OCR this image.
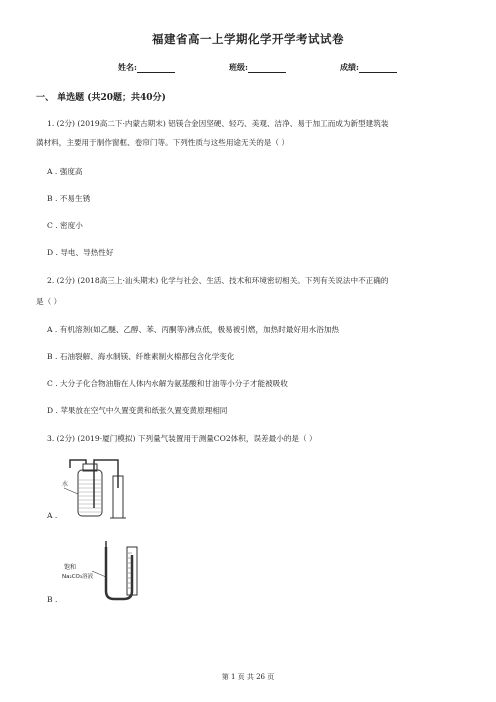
福建省高一上学期化学开学考试试卷
姓名:	班级:	成绩:
一、 单选题 (共20题；共40分)
1. (2分) (2019高二下·内蒙古期末) 铝镁合金因坚硬、轻巧、美观、洁净、易于加工而成为新型建筑装
潢材料，主要用于制作窗框、卷帘门等。下列性质与这些用途无关的是（ ）
A . 强度高
B . 不易生锈
C . 密度小
D . 导电、导热性好
2. (2分) (2018高三上·汕头期末) 化学与社会、生活、技术和环境密切相关。下列有关说法中不正确的
是（ ）
A . 有机溶剂(如乙醚、乙醇、苯、丙酮等)沸点低，极易被引燃，加热时最好用水浴加热
B . 石油裂解、海水制镁、纤维素制火棉都包含化学变化
C . 大分子化合物油脂在人体内水解为氨基酸和甘油等小分子才能被吸收
D . 苹果放在空气中久置变黄和纸张久置变黄原理相同
3. (2分) (2019·厦门模拟) 下列量气装置用于测量CO2体积，误差最小的是（ ）
水
A .
饱和
Na₂CO₃溶液
B .
第 1 页 共 26 页
